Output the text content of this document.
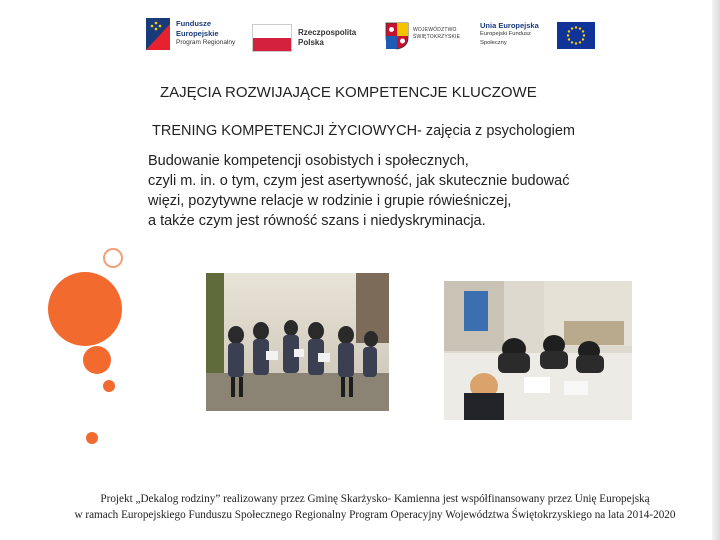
Fundusze
Europejskie
Program Regionalny
Rzeczpospolita
Polska
WOJEWÓDZTWO
ŚWIĘTOKRZYSKIE
Unia Europejska
Europejski Fundusz
Społeczny
ZAJĘCIA ROZWIJAJĄCE KOMPETENCJE KLUCZOWE
TRENING KOMPETENCJI ŻYCIOWYCH- zajęcia z psychologiem
Budowanie kompetencji osobistych i społecznych,
czyli m. in. o tym, czym jest asertywność, jak skutecznie budować
więzi, pozytywne relacje w rodzinie i grupie rówieśniczej,
a także czym jest równość szans i niedyskryminacja.
Projekt „Dekalog rodziny” realizowany przez Gminę Skarżysko- Kamienna jest współfinansowany przez Unię Europejską
w ramach Europejskiego Funduszu Społecznego Regionalny Program Operacyjny Województwa Świętokrzyskiego na lata 2014-2020
